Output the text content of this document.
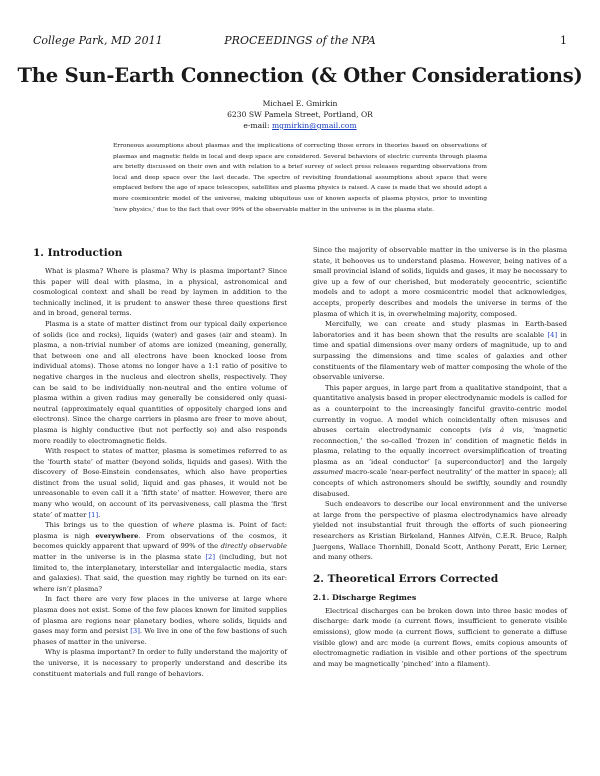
College Park, MD 2011	PROCEEDINGS of the NPA	1
The Sun-Earth Connection (& Other Considerations)
Michael E. Gmirkin
6230 SW Pamela Street, Portland, OR
e-mail: mgmirkin@gmail.com
Erroneous assumptions about plasmas and the implications of correcting those errors in theories based on observations of plasmas and magnetic fields in local and deep space are considered. Several behaviors of electric currents through plasma are briefly discussed on their own and with relation to a brief survey of select press releases regarding observations from local and deep space over the last decade. The spectre of revisiting foundational assumptions about space that were emplaced before the age of space telescopes, satellites and plasma physics is raised. A case is made that we should adopt a more cosmicentric model of the universe, making ubiquitous use of known aspects of plasma physics, prior to inventing ‘new physics,’ due to the fact that over 99% of the observable matter in the universe is in the plasma state.
1. Introduction

What is plasma? Where is plasma? Why is plasma important? Since this paper will deal with plasma, in a physical, astronomical and cosmological context and shall be read by laymen in addition to the technically inclined, it is prudent to answer these three questions first and in broad, general terms.

Plasma is a state of matter distinct from our typical daily experience of solids (ice and rocks), liquids (water) and gases (air and steam). In plasma, a non-trivial number of atoms are ionized (meaning, generally, that between one and all electrons have been knocked loose from individual atoms). Those atoms no longer have a 1:1 ratio of positive to negative charges in the nucleus and electron shells, respectively. They can be said to be individually non-neutral and the entire volume of plasma within a given radius may generally be considered only quasi-neutral (approximately equal quantities of oppositely charged ions and electrons). Since the charge carriers in plasma are freer to move about, plasma is highly conductive (but not perfectly so) and also responds more readily to electromagnetic fields.

With respect to states of matter, plasma is sometimes referred to as the ‘fourth state’ of matter (beyond solids, liquids and gases). With the discovery of Bose-Einstein condensates, which also have properties distinct from the usual solid, liquid and gas phases, it would not be unreasonable to even call it a ‘fifth state’ of matter. However, there are many who would, on account of its pervasiveness, call plasma the ‘first state’ of matter [1].

This brings us to the question of where plasma is. Point of fact: plasma is nigh everywhere. From observations of the cosmos, it becomes quickly apparent that upward of 99% of the directly observable matter in the universe is in the plasma state [2] (including, but not limited to, the interplanetary, interstellar and intergalactic media, stars and galaxies). That said, the question may rightly be turned on its ear: where isn’t plasma?

In fact there are very few places in the universe at large where plasma does not exist. Some of the few places known for limited supplies of plasma are regions near planetary bodies, where solids, liquids and gases may form and persist [3]. We live in one of the few bastions of such phases of matter in the universe.

Why is plasma important? In order to fully understand the majority of the universe, it is necessary to properly understand and describe its constituent materials and full range of behaviors.

Since the majority of observable matter in the universe is in the plasma state, it behooves us to understand plasma. However, being natives of a small provincial island of solids, liquids and gases, it may be necessary to give up a few of our cherished, but moderately geocentric, scientific models and to adopt a more cosmicentric model that acknowledges, accepts, properly describes and models the universe in terms of the plasma of which it is, in overwhelming majority, composed.

Mercifully, we can create and study plasmas in Earth-based laboratories and it has been shown that the results are scalable [4] in time and spatial dimensions over many orders of magnitude, up to and surpassing the dimensions and time scales of galaxies and other constituents of the filamentary web of matter composing the whole of the observable universe.

This paper argues, in large part from a qualitative standpoint, that a quantitative analysis based in proper electrodynamic models is called for as a counterpoint to the increasingly fanciful gravito-centric model currently in vogue. A model which coincidentally often misuses and abuses certain electrodynamic concepts (vis á vis, ‘magnetic reconnection,’ the so-called ‘frozen in’ condition of magnetic fields in plasma, relating to the equally incorrect oversimplification of treating plasma as an ‘ideal conductor’ [a superconductor] and the largely assumed macro-scale ‘near-perfect neutrality’ of the matter in space); all concepts of which astronomers should be swiftly, soundly and roundly disabused.

Such endeavors to describe our local environment and the universe at large from the perspective of plasma electrodynamics have already yielded not insubstantial fruit through the efforts of such pioneering researchers as Kristian Birkeland, Hannes Alfvén, C.E.R. Bruce, Ralph Juergens, Wallace Thornhill, Donald Scott, Anthony Peratt, Eric Lerner, and many others.

2. Theoretical Errors Corrected
2.1. Discharge Regimes

Electrical discharges can be broken down into three basic modes of discharge: dark mode (a current flows, insufficient to generate visible emissions), glow mode (a current flows, sufficient to generate a diffuse visible glow) and arc mode (a current flows, emits copious amounts of electromagnetic radiation in visible and other portions of the spectrum and may be magnetically ‘pinched’ into a filament).
